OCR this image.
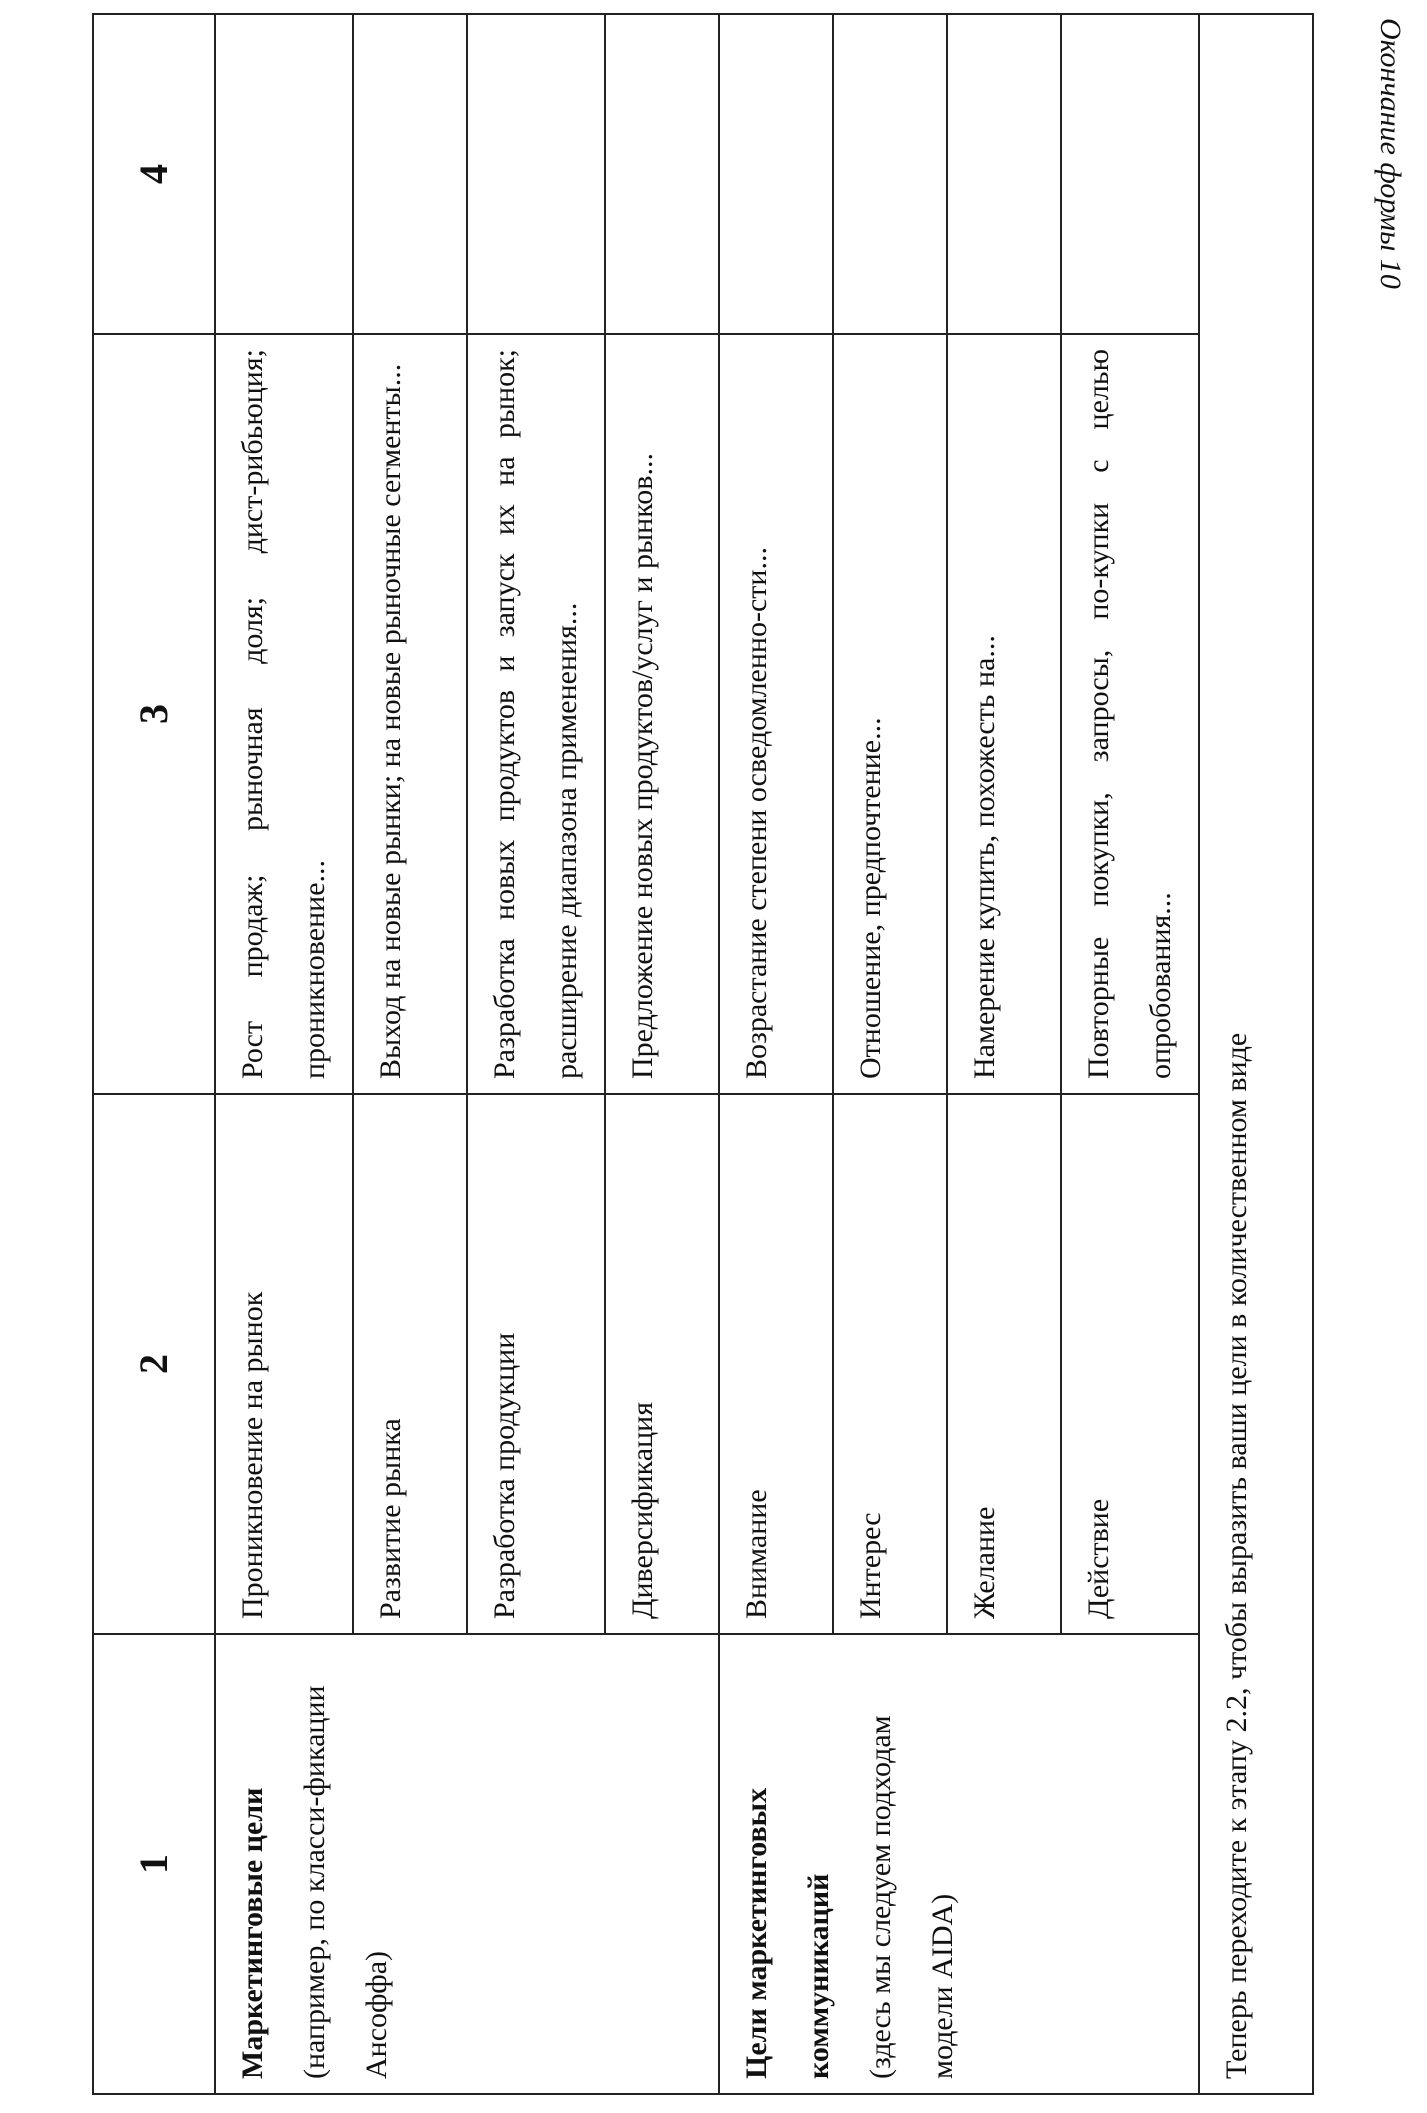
Окончание формы 10
1	2	3	4

Маркетинговые цели (например, по класси-фикации Ансоффа)	Проникновение на рынок	Рост продаж; рыночная доля; дист-рибьюция; проникновение...	
	Развитие рынка	Выход на новые рынки; на новые рыночные сегменты...	
	Разработка продукции	Разработка новых продуктов и запуск их на рынок; расширение диапазона применения...	
	Диверсификация	Предложение новых продуктов/услуг и рынков...	

Цели маркетинговых коммуникаций (здесь мы следуем подходам модели AIDA)	Внимание	Возрастание степени осведомленно-сти...	
	Интерес	Отношение, предпочтение...	
	Желание	Намерение купить, похожесть на...	
	Действие	Повторные покупки, запросы, по-купки с целью опробования...	
Теперь переходите к этапу 2.2, чтобы выразить ваши цели в количественном виде			
